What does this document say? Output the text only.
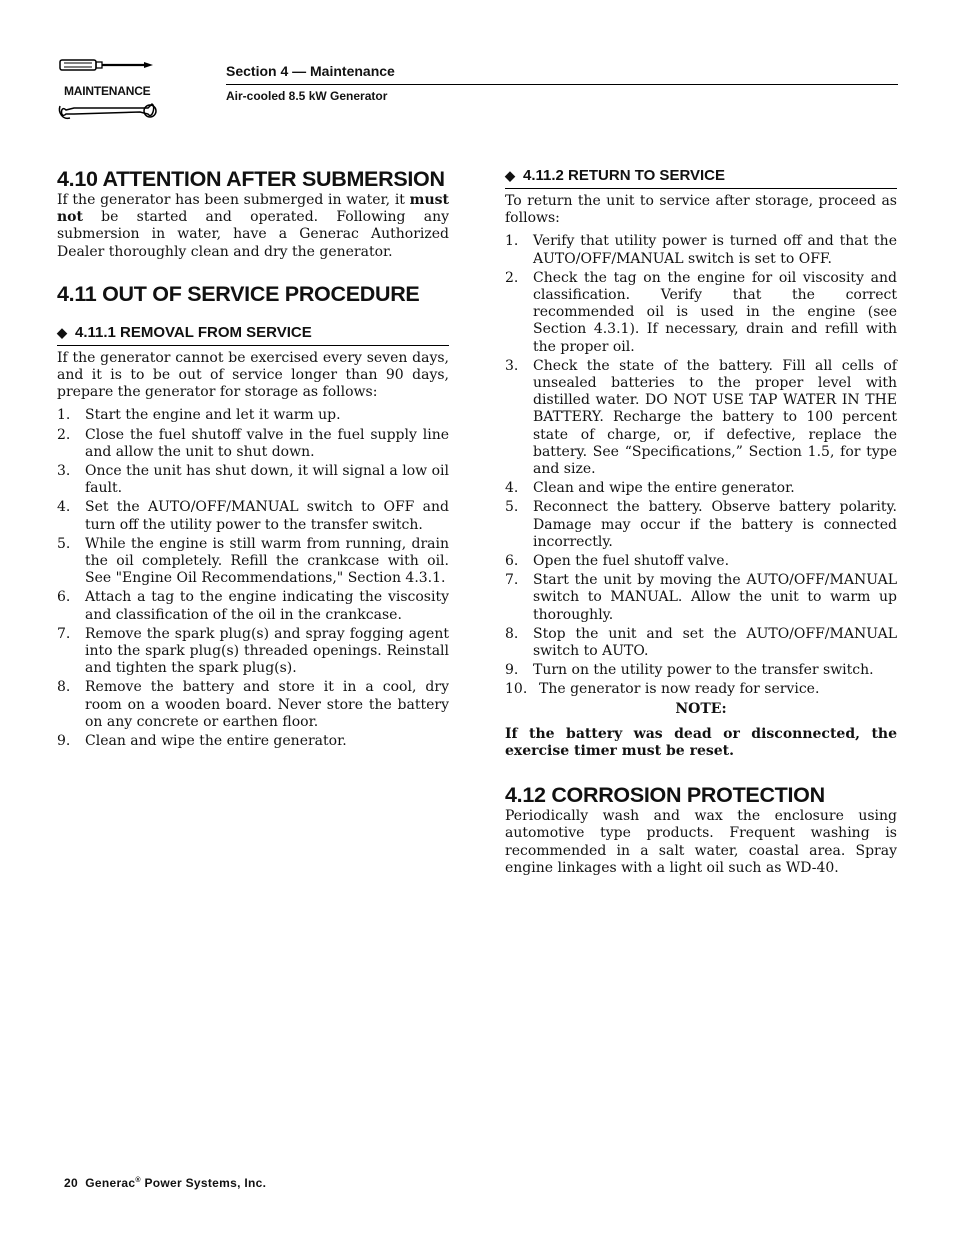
MAINTENANCE
Section 4 — Maintenance
Air-cooled 8.5 kW Generator
4.10 ATTENTION AFTER SUBMERSION

If the generator has been submerged in water, it must not be started and operated. Following any submersion in water, have a Generac Authorized Dealer thoroughly clean and dry the generator.

4.11 OUT OF SERVICE PROCEDURE
◆ 4.11.1 REMOVAL FROM SERVICE

If the generator cannot be exercised every seven days, and it is to be out of service longer than 90 days, prepare the generator for storage as follows:

1. Start the engine and let it warm up.
2. Close the fuel shutoff valve in the fuel supply line and allow the unit to shut down.
3. Once the unit has shut down, it will signal a low oil fault.
4. Set the AUTO/OFF/MANUAL switch to OFF and turn off the utility power to the transfer switch.
5. While the engine is still warm from running, drain the oil completely. Refill the crankcase with oil. See "Engine Oil Recommendations," Section 4.3.1.
6. Attach a tag to the engine indicating the viscosity and classification of the oil in the crankcase.
7. Remove the spark plug(s) and spray fogging agent into the spark plug(s) threaded openings. Reinstall and tighten the spark plug(s).
8. Remove the battery and store it in a cool, dry room on a wooden board. Never store the battery on any concrete or earthen floor.
9. Clean and wipe the entire generator.
◆ 4.11.2 RETURN TO SERVICE

To return the unit to service after storage, proceed as follows:

1. Verify that utility power is turned off and that the AUTO/OFF/MANUAL switch is set to OFF.
2. Check the tag on the engine for oil viscosity and classification. Verify that the correct recommended oil is used in the engine (see Section 4.3.1). If necessary, drain and refill with the proper oil.
3. Check the state of the battery. Fill all cells of unsealed batteries to the proper level with distilled water. DO NOT USE TAP WATER IN THE BATTERY. Recharge the battery to 100 percent state of charge, or, if defective, replace the battery. See “Specifications,” Section 1.5, for type and size.
4. Clean and wipe the entire generator.
5. Reconnect the battery. Observe battery polarity. Damage may occur if the battery is connected incorrectly.
6. Open the fuel shutoff valve.
7. Start the unit by moving the AUTO/OFF/MANUAL switch to MANUAL. Allow the unit to warm up thoroughly.
8. Stop the unit and set the AUTO/OFF/MANUAL switch to AUTO.
9. Turn on the utility power to the transfer switch.
10. The generator is now ready for service.
NOTE:

If the battery was dead or disconnected, the exercise timer must be reset.

4.12 CORROSION PROTECTION

Periodically wash and wax the enclosure using automotive type products. Frequent washing is recommended in a salt water, coastal area. Spray engine linkages with a light oil such as WD-40.

20 Generac® Power Systems, Inc.
